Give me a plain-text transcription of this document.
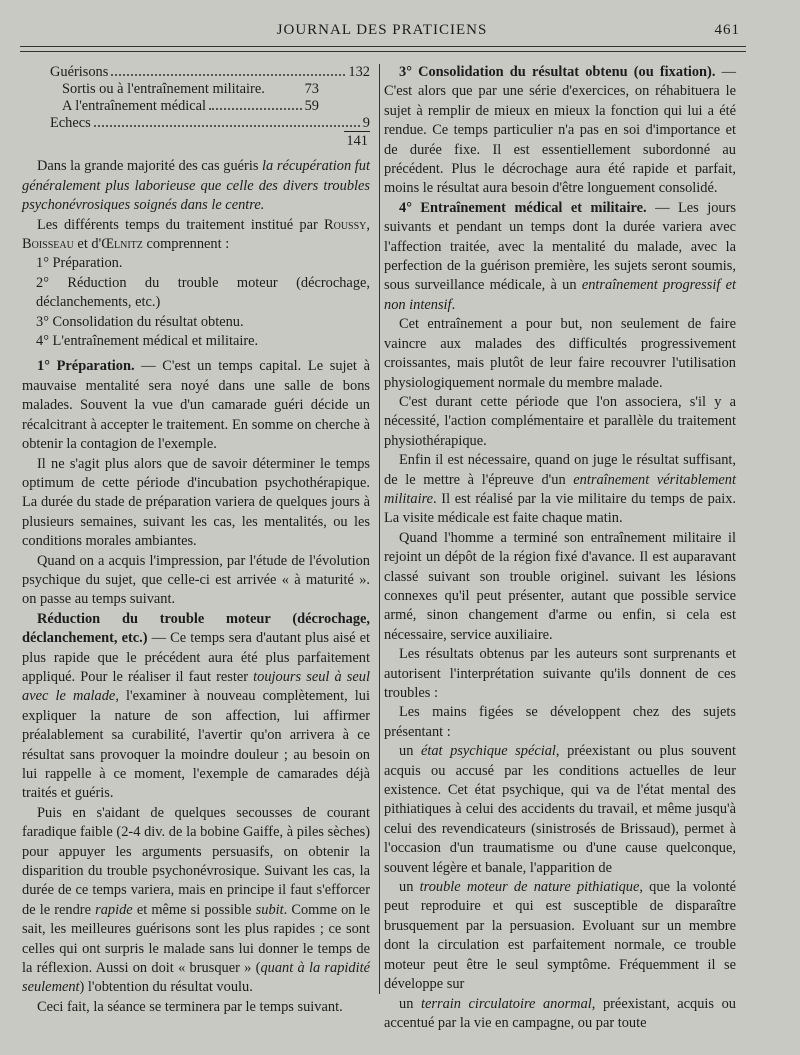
JOURNAL DES PRATICIENS	461
Guérisons	132
Sortis ou à l'entraînement militaire.	73
A l'entraînement médical	59
Echecs	9
141

Dans la grande majorité des cas guéris la récupération fut généralement plus laborieuse que celle des divers troubles psychonévrosiques soignés dans le centre.

Les différents temps du traitement institué par Roussy, Boisseau et d'Œlnitz comprennent :

1° Préparation.

2° Réduction du trouble moteur (décrochage, déclanchements, etc.)

3° Consolidation du résultat obtenu.

4° L'entraînement médical et militaire.

1° Préparation. — C'est un temps capital. Le sujet à mauvaise mentalité sera noyé dans une salle de bons malades. Souvent la vue d'un camarade guéri décide un récalcitrant à accepter le traitement. En somme on cherche à obtenir la contagion de l'exemple.

Il ne s'agit plus alors que de savoir déterminer le temps optimum de cette période d'incubation psychothérapique. La durée du stade de préparation variera de quelques jours à plusieurs semaines, suivant les cas, les mentalités, ou les conditions morales ambiantes.

Quand on a acquis l'impression, par l'étude de l'évolution psychique du sujet, que celle-ci est arrivée « à maturité ». on passe au temps suivant.

Réduction du trouble moteur (décrochage, déclanchement, etc.) — Ce temps sera d'autant plus aisé et plus rapide que le précédent aura été plus parfaitement appliqué. Pour le réaliser il faut rester toujours seul à seul avec le malade, l'examiner à nouveau complètement, lui expliquer la nature de son affection, lui affirmer préalablement sa curabilité, l'avertir qu'on arrivera à ce résultat sans provoquer la moindre douleur ; au besoin on lui rappelle à ce moment, l'exemple de camarades déjà traités et guéris.

Puis en s'aidant de quelques secousses de courant faradique faible (2-4 div. de la bobine Gaiffe, à piles sèches) pour appuyer les arguments persuasifs, on obtenir la disparition du trouble psychonévrosique. Suivant les cas, la durée de ce temps variera, mais en principe il faut s'efforcer de le rendre rapide et même si possible subit. Comme on le sait, les meilleures guérisons sont les plus rapides ; ce sont celles qui ont surpris le malade sans lui donner le temps de la réflexion. Aussi on doit « brusquer » (quant à la rapidité seulement) l'obtention du résultat voulu.

Ceci fait, la séance se terminera par le temps suivant.

3° Consolidation du résultat obtenu (ou fixation). — C'est alors que par une série d'exercices, on réhabituera le sujet à remplir de mieux en mieux la fonction qui lui a été rendue. Ce temps particulier n'a pas en soi d'importance et de durée fixe. Il est essentiellement subordonné au précédent. Plus le décrochage aura été rapide et parfait, moins le résultat aura besoin d'être longuement consolidé.

4° Entraînement médical et militaire. — Les jours suivants et pendant un temps dont la durée variera avec l'affection traitée, avec la mentalité du malade, avec la perfection de la guérison première, les sujets seront soumis, sous surveillance médicale, à un entraînement progressif et non intensif.

Cet entraînement a pour but, non seulement de faire vaincre aux malades des difficultés progressivement croissantes, mais plutôt de leur faire recouvrer l'utilisation physiologiquement normale du membre malade.

C'est durant cette période que l'on associera, s'il y a nécessité, l'action complémentaire et parallèle du traitement physiothérapique.

Enfin il est nécessaire, quand on juge le résultat suffisant, de le mettre à l'épreuve d'un entraînement véritablement militaire. Il est réalisé par la vie militaire du temps de paix. La visite médicale est faite chaque matin.

Quand l'homme a terminé son entraînement militaire il rejoint un dépôt de la région fixé d'avance. Il est auparavant classé suivant son trouble originel. suivant les lésions connexes qu'il peut présenter, autant que possible service armé, sinon changement d'arme ou enfin, si cela est nécessaire, service auxiliaire.

Les résultats obtenus par les auteurs sont surprenants et autorisent l'interprétation suivante qu'ils donnent de ces troubles :

Les mains figées se développent chez des sujets présentant :

un état psychique spécial, préexistant ou plus souvent acquis ou accusé par les conditions actuelles de leur existence. Cet état psychique, qui va de l'état mental des pithiatiques à celui des accidents du travail, et même jusqu'à celui des revendicateurs (sinistrosés de Brissaud), permet à l'occasion d'un traumatisme ou d'une cause quelconque, souvent légère et banale, l'apparition de

un trouble moteur de nature pithiatique, que la volonté peut reproduire et qui est susceptible de disparaître brusquement par la persuasion. Evoluant sur un membre dont la circulation est parfaitement normale, ce trouble moteur peut être le seul symptôme. Fréquemment il se développe sur

un terrain circulatoire anormal, préexistant, acquis ou accentué par la vie en campagne, ou par toute
